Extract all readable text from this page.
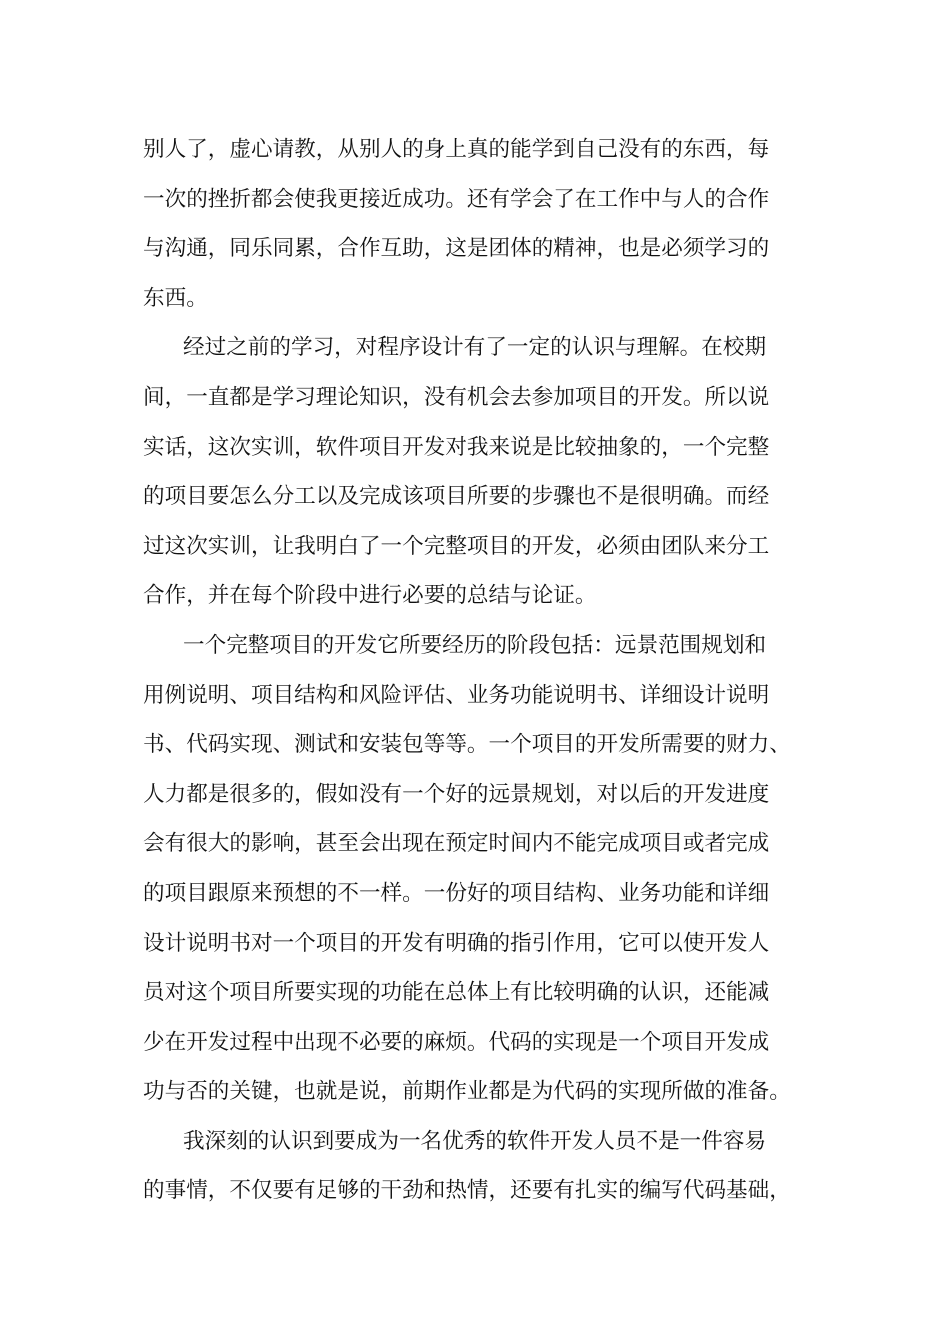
别人了，虚心请教，从别人的身上真的能学到自己没有的东西，每
一次的挫折都会使我更接近成功。还有学会了在工作中与人的合作
与沟通，同乐同累，合作互助，这是团体的精神，也是必须学习的
东西。
经过之前的学习，对程序设计有了一定的认识与理解。在校期
间，一直都是学习理论知识，没有机会去参加项目的开发。所以说
实话，这次实训，软件项目开发对我来说是比较抽象的，一个完整
的项目要怎么分工以及完成该项目所要的步骤也不是很明确。而经
过这次实训，让我明白了一个完整项目的开发，必须由团队来分工
合作，并在每个阶段中进行必要的总结与论证。
一个完整项目的开发它所要经历的阶段包括：远景范围规划和
用例说明、项目结构和风险评估、业务功能说明书、详细设计说明
书、代码实现、测试和安装包等等。一个项目的开发所需要的财力、
人力都是很多的，假如没有一个好的远景规划，对以后的开发进度
会有很大的影响，甚至会出现在预定时间内不能完成项目或者完成
的项目跟原来预想的不一样。一份好的项目结构、业务功能和详细
设计说明书对一个项目的开发有明确的指引作用，它可以使开发人
员对这个项目所要实现的功能在总体上有比较明确的认识，还能减
少在开发过程中出现不必要的麻烦。代码的实现是一个项目开发成
功与否的关键，也就是说，前期作业都是为代码的实现所做的准备。
我深刻的认识到要成为一名优秀的软件开发人员不是一件容易
的事情，不仅要有足够的干劲和热情，还要有扎实的编写代码基础，
